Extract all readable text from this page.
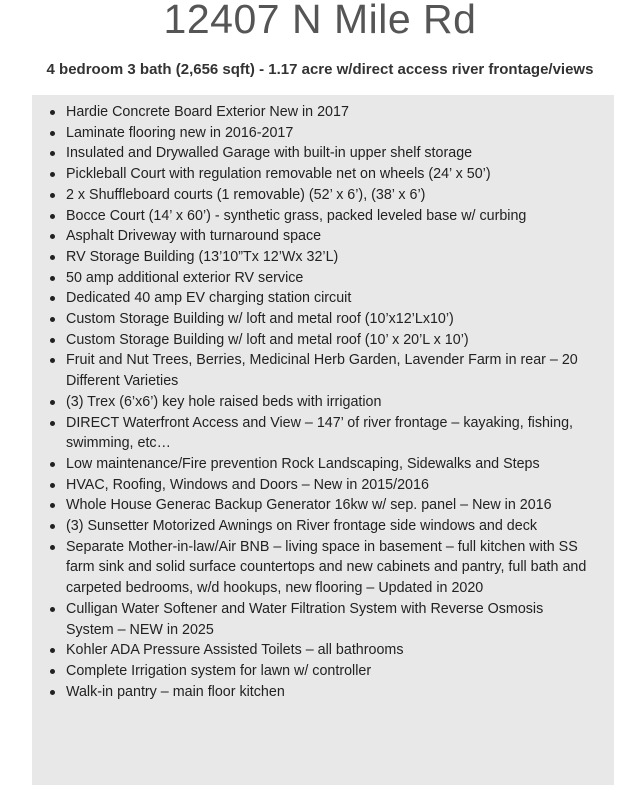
12407 N Mile Rd
4 bedroom 3 bath (2,656 sqft) - 1.17 acre w/direct access river frontage/views
Hardie Concrete Board Exterior New in 2017
Laminate flooring new in 2016-2017
Insulated and Drywalled Garage with built-in upper shelf storage
Pickleball Court with regulation removable net on wheels (24’ x 50’)
2 x Shuffleboard courts (1 removable) (52’ x 6’), (38’ x 6’)
Bocce Court (14’ x 60’) - synthetic grass, packed leveled base w/ curbing
Asphalt Driveway with turnaround space
RV Storage Building (13’10”Tx 12’Wx 32’L)
50 amp additional exterior RV service
Dedicated 40 amp EV charging station circuit
Custom Storage Building w/ loft and metal roof (10’x12’Lx10’)
Custom Storage Building w/ loft and metal roof (10’ x 20’L x 10’)
Fruit and Nut Trees, Berries, Medicinal Herb Garden, Lavender Farm in rear – 20 Different Varieties
(3) Trex (6’x6’) key hole raised beds with irrigation
DIRECT Waterfront Access and View – 147’ of river frontage – kayaking, fishing, swimming, etc…
Low maintenance/Fire prevention Rock Landscaping, Sidewalks and Steps
HVAC, Roofing, Windows and Doors – New in 2015/2016
Whole House Generac Backup Generator 16kw w/ sep. panel – New in 2016
(3) Sunsetter Motorized Awnings on River frontage side windows and deck
Separate Mother-in-law/Air BNB – living space in basement – full kitchen with SS farm sink and solid surface countertops and new cabinets and pantry, full bath and carpeted bedrooms, w/d hookups, new flooring – Updated in 2020
Culligan Water Softener and Water Filtration System with Reverse Osmosis System – NEW in 2025
Kohler ADA Pressure Assisted Toilets – all bathrooms
Complete Irrigation system for lawn w/ controller
Walk-in pantry – main floor kitchen
